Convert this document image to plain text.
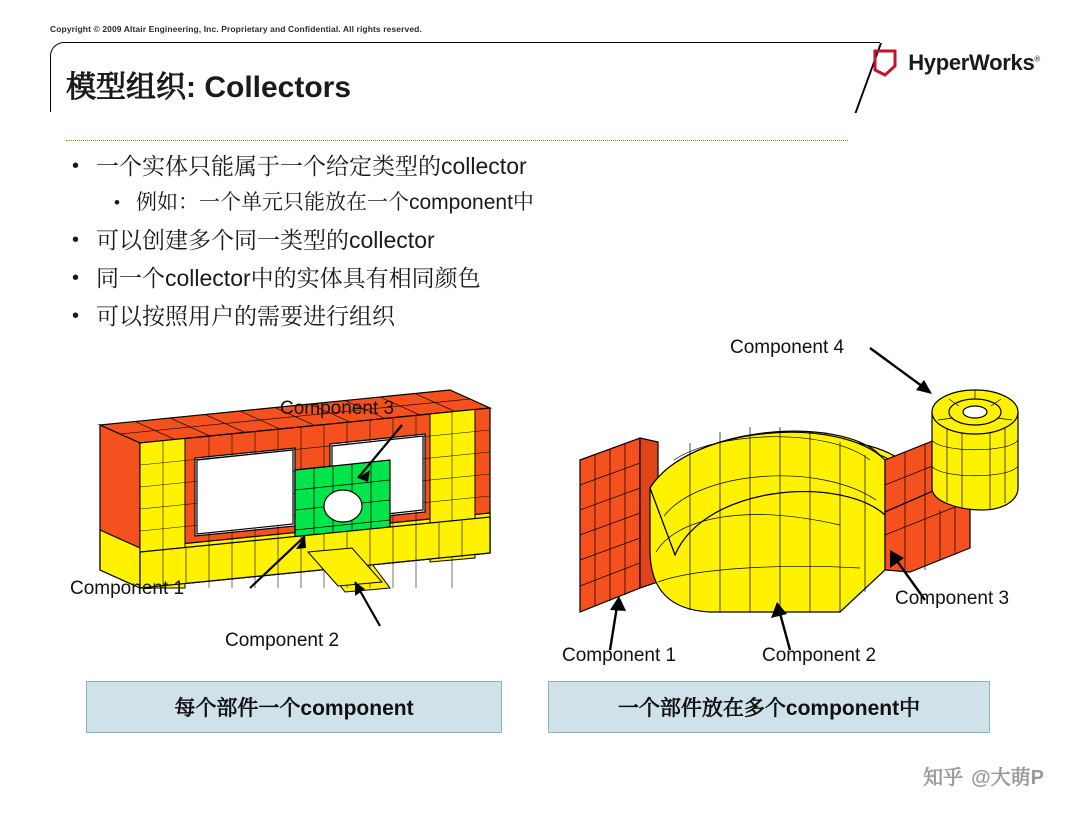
Copyright © 2009 Altair Engineering, Inc. Proprietary and Confidential. All rights reserved.
模型组织: Collectors
HyperWorks®
• 一个实体只能属于一个给定类型的collector
• 例如：一个单元只能放在一个component中
• 可以创建多个同一类型的collector
• 同一个collector中的实体具有相同颜色
• 可以按照用户的需要进行组织
Component 3
Component 1
Component 2
Component 4
Component 1	Component 2
Component 3
每个部件一个component	一个部件放在多个component中
知乎 @大萌P
